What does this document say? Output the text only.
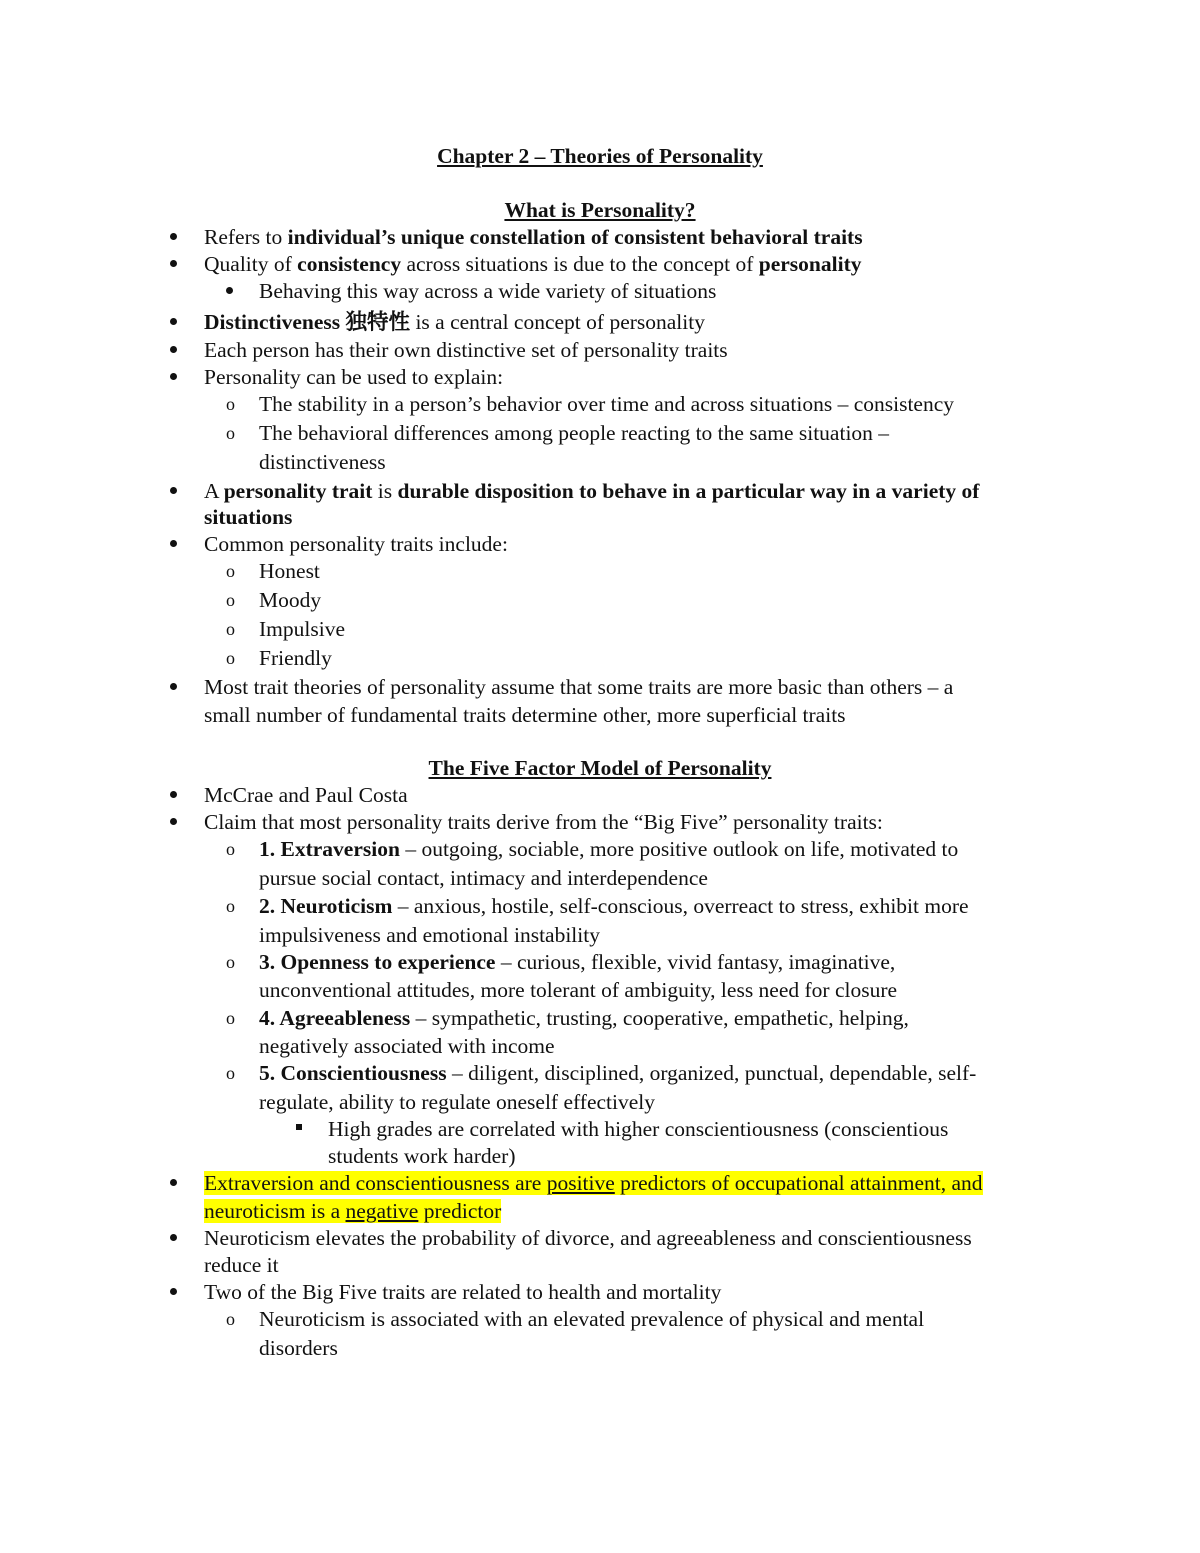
Chapter 2 – Theories of Personality
What is Personality?
Refers to individual’s unique constellation of consistent behavioral traits
Quality of consistency across situations is due to the concept of personality
Behaving this way across a wide variety of situations
Distinctiveness 独特性 is a central concept of personality
Each person has their own distinctive set of personality traits
Personality can be used to explain:
o The stability in a person’s behavior over time and across situations – consistency
o The behavioral differences among people reacting to the same situation –
distinctiveness
A personality trait is durable disposition to behave in a particular way in a variety of
situations
Common personality traits include:
o Honest
o Moody
o Impulsive
o Friendly
Most trait theories of personality assume that some traits are more basic than others – a
small number of fundamental traits determine other, more superficial traits
The Five Factor Model of Personality
McCrae and Paul Costa
Claim that most personality traits derive from the “Big Five” personality traits:
o 1. Extraversion – outgoing, sociable, more positive outlook on life, motivated to
pursue social contact, intimacy and interdependence
o 2. Neuroticism – anxious, hostile, self-conscious, overreact to stress, exhibit more
impulsiveness and emotional instability
o 3. Openness to experience – curious, flexible, vivid fantasy, imaginative,
unconventional attitudes, more tolerant of ambiguity, less need for closure
o 4. Agreeableness – sympathetic, trusting, cooperative, empathetic, helping,
negatively associated with income
o 5. Conscientiousness – diligent, disciplined, organized, punctual, dependable, self-
regulate, ability to regulate oneself effectively
High grades are correlated with higher conscientiousness (conscientious
students work harder)
Extraversion and conscientiousness are positive predictors of occupational attainment, and
neuroticism is a negative predictor
Neuroticism elevates the probability of divorce, and agreeableness and conscientiousness
reduce it
Two of the Big Five traits are related to health and mortality
o Neuroticism is associated with an elevated prevalence of physical and mental
disorders
